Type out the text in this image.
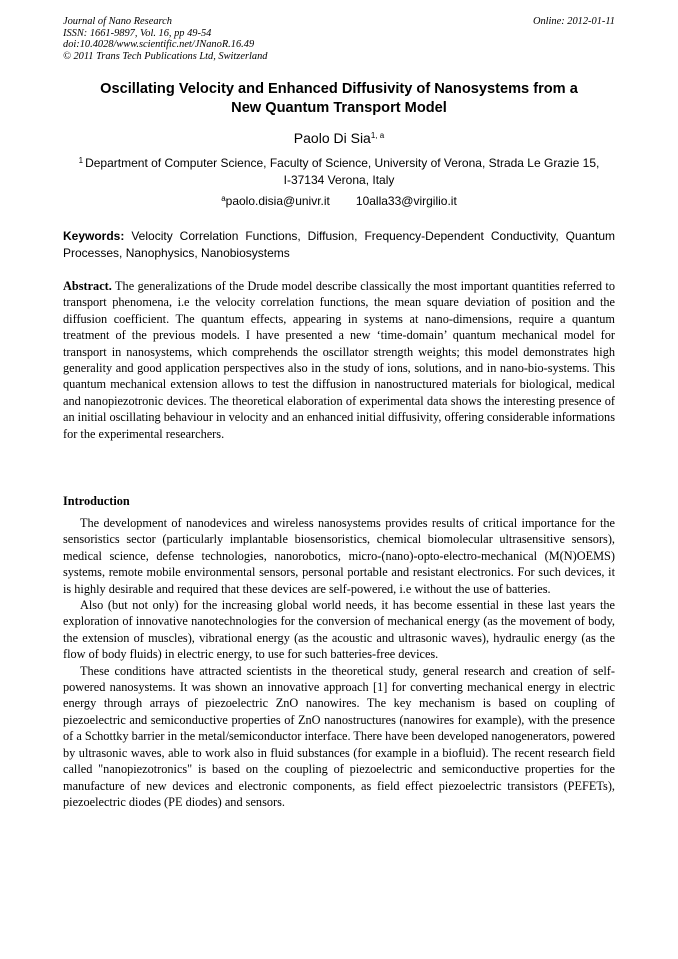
Journal of Nano Research
ISSN: 1661-9897, Vol. 16, pp 49-54
doi:10.4028/www.scientific.net/JNanoR.16.49
© 2011 Trans Tech Publications Ltd, Switzerland
Online: 2012-01-11
Oscillating Velocity and Enhanced Diffusivity of Nanosystems from a
New Quantum Transport Model
Paolo Di Sia$^{1, a}$
$^1$ Department of Computer Science, Faculty of Science, University of Verona, Strada Le Grazie 15,
I-37134 Verona, Italy
$^a$paolo.disia@univr.it 10alla33@virgilio.it
Keywords: Velocity Correlation Functions, Diffusion, Frequency-Dependent Conductivity, Quantum Processes, Nanophysics, Nanobiosystems
Abstract. The generalizations of the Drude model describe classically the most important quantities referred to transport phenomena, i.e the velocity correlation functions, the mean square deviation of position and the diffusion coefficient. The quantum effects, appearing in systems at nano-dimensions, require a quantum treatment of the previous models. I have presented a new ‘time-domain’ quantum mechanical model for transport in nanosystems, which comprehends the oscillator strength weights; this model demonstrates high generality and good application perspectives also in the study of ions, solutions, and in nano-bio-systems. This quantum mechanical extension allows to test the diffusion in nanostructured materials for biological, medical and nanopiezotronic devices. The theoretical elaboration of experimental data shows the interesting presence of an initial oscillating behaviour in velocity and an enhanced initial diffusivity, offering considerable informations for the experimental researchers.
Introduction

The development of nanodevices and wireless nanosystems provides results of critical importance for the sensoristics sector (particularly implantable biosensoristics, chemical biomolecular ultrasensitive sensors), medical science, defense technologies, nanorobotics, micro-(nano)-opto-electro-mechanical (M(N)OEMS) systems, remote mobile environmental sensors, personal portable and resistant electronics. For such devices, it is highly desirable and required that these devices are self-powered, i.e without the use of batteries.

Also (but not only) for the increasing global world needs, it has become essential in these last years the exploration of innovative nanotechnologies for the conversion of mechanical energy (as the movement of body, the extension of muscles), vibrational energy (as the acoustic and ultrasonic waves), hydraulic energy (as the flow of body fluids) in electric energy, to use for such batteries-free devices.

These conditions have attracted scientists in the theoretical study, general research and creation of self-powered nanosystems. It was shown an innovative approach [1] for converting mechanical energy in electric energy through arrays of piezoelectric ZnO nanowires. The key mechanism is based on coupling of piezoelectric and semiconductive properties of ZnO nanostructures (nanowires for example), with the presence of a Schottky barrier in the metal/semiconductor interface. There have been developed nanogenerators, powered by ultrasonic waves, able to work also in fluid substances (for example in a biofluid). The recent research field called "nanopiezotronics" is based on the coupling of piezoelectric and semiconductive properties for the manufacture of new devices and electronic components, as field effect piezoelectric transistors (PEFETs), piezoelectric diodes (PE diodes) and sensors.
